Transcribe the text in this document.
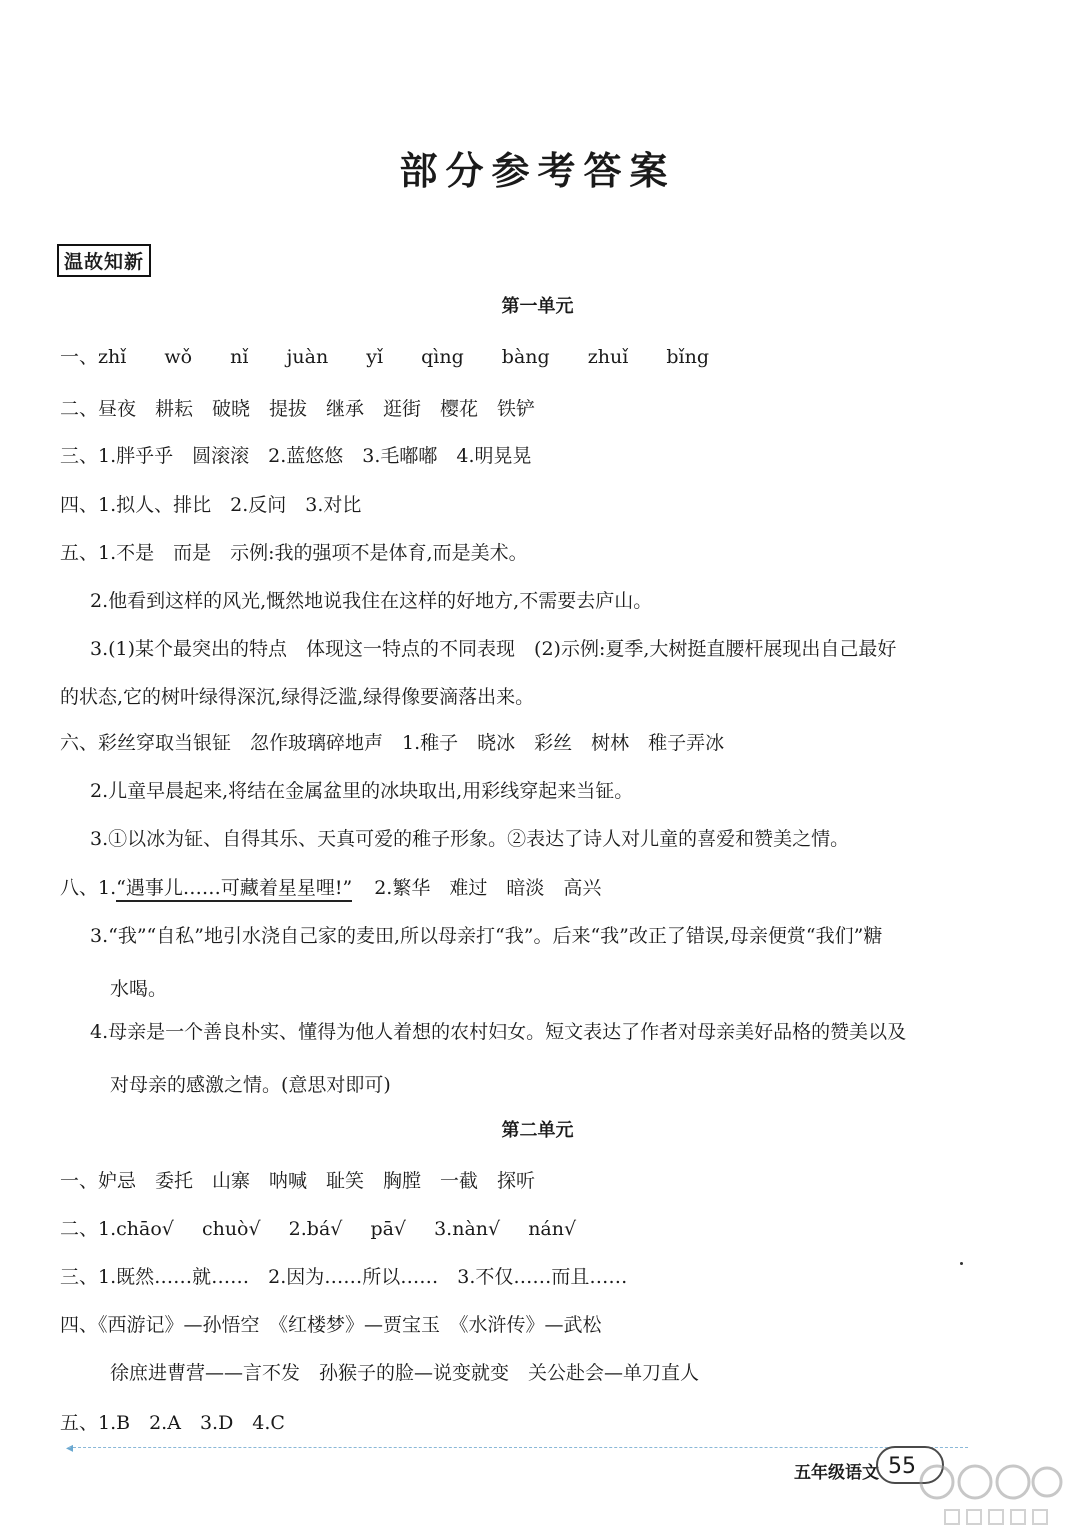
部分参考答案
温故知新
第一单元
一、zhǐ wǒ nǐ juàn yǐ qìng bàng zhuǐ bǐng
二、昼夜　耕耘　破晓　提拔　继承　逛街　樱花　铁铲
三、1.胖乎乎　圆滚滚　2.蓝悠悠　3.毛嘟嘟　4.明晃晃
四、1.拟人、排比　2.反问　3.对比
五、1.不是　而是　示例:我的强项不是体育,而是美术。
2.他看到这样的风光,慨然地说我住在这样的好地方,不需要去庐山。
3.(1)某个最突出的特点　体现这一特点的不同表现　(2)示例:夏季,大树挺直腰杆展现出自己最好
的状态,它的树叶绿得深沉,绿得泛滥,绿得像要滴落出来。
六、彩丝穿取当银钲　忽作玻璃碎地声　1.稚子　晓冰　彩丝　树林　稚子弄冰
2.儿童早晨起来,将结在金属盆里的冰块取出,用彩线穿起来当钲。
3.①以冰为钲、自得其乐、天真可爱的稚子形象。②表达了诗人对儿童的喜爱和赞美之情。
八、1.“遇事儿……可藏着星星哩!” 2.繁华　难过　暗淡　高兴
3.“我”“自私”地引水浇自己家的麦田,所以母亲打“我”。后来“我”改正了错误,母亲便赏“我们”糖
水喝。
4.母亲是一个善良朴实、懂得为他人着想的农村妇女。短文表达了作者对母亲美好品格的赞美以及
对母亲的感激之情。(意思对即可)
第二单元
一、妒忌　委托　山寨　呐喊　耻笑　胸膛　一截　探听
二、1.chāo√ chuò√ 2.bá√ pā√ 3.nàn√ nán√
三、1.既然……就……　2.因为……所以……　3.不仅……而且……
四、《西游记》—孙悟空　《红楼梦》—贾宝玉　《水浒传》—武松
徐庶进曹营——言不发　孙猴子的脸—说变就变　关公赴会—单刀直人
五、1.B　2.A　3.D　4.C
◂
五年级语文 55
